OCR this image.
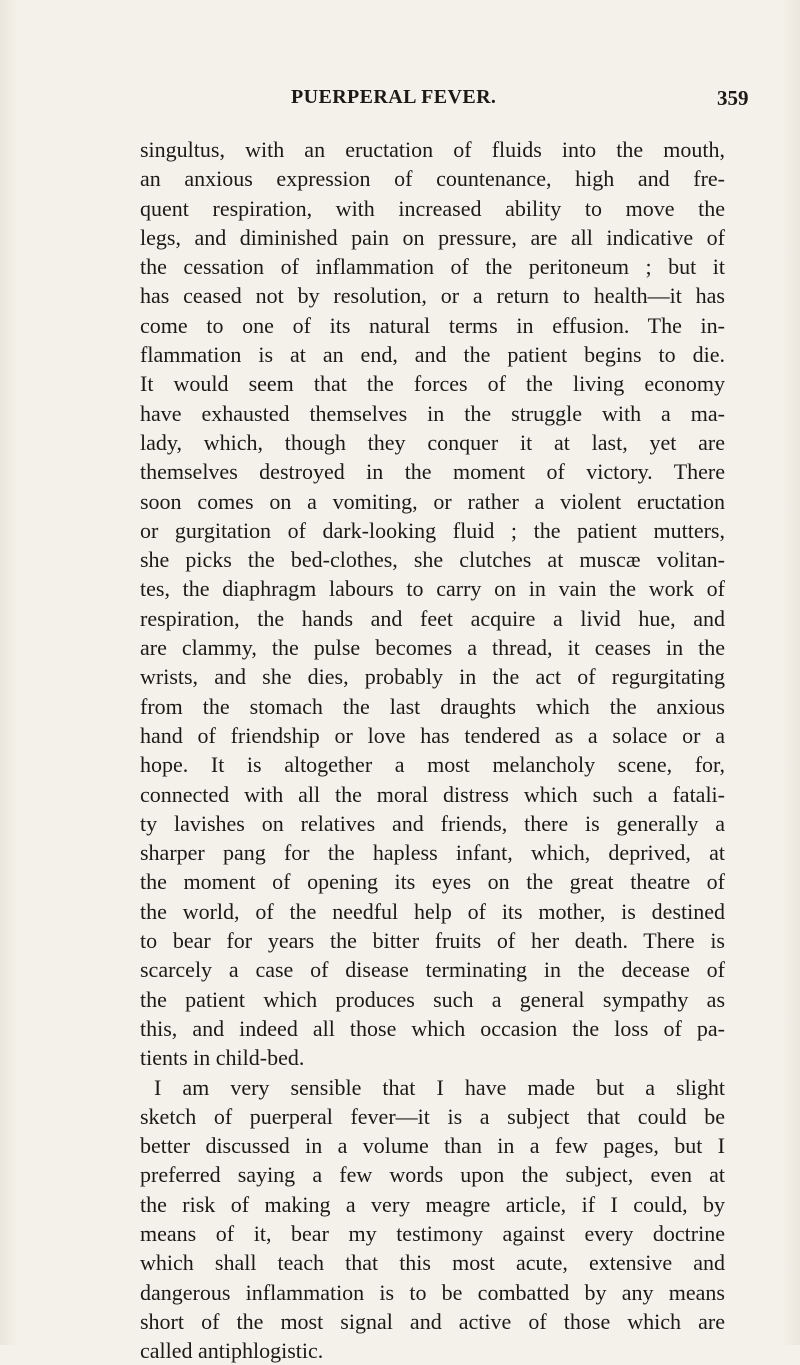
PUERPERAL FEVER.	359
singultus, with an eructation of fluids into the mouth,
an anxious expression of countenance, high and fre-
quent respiration, with increased ability to move the
legs, and diminished pain on pressure, are all indicative of
the cessation of inflammation of the peritoneum ; but it
has ceased not by resolution, or a return to health—it has
come to one of its natural terms in effusion. The in-
flammation is at an end, and the patient begins to die.
It would seem that the forces of the living economy
have exhausted themselves in the struggle with a ma-
lady, which, though they conquer it at last, yet are
themselves destroyed in the moment of victory. There
soon comes on a vomiting, or rather a violent eructation
or gurgitation of dark-looking fluid ; the patient mutters,
she picks the bed-clothes, she clutches at muscæ volitan-
tes, the diaphragm labours to carry on in vain the work of
respiration, the hands and feet acquire a livid hue, and
are clammy, the pulse becomes a thread, it ceases in the
wrists, and she dies, probably in the act of regurgitating
from the stomach the last draughts which the anxious
hand of friendship or love has tendered as a solace or a
hope. It is altogether a most melancholy scene, for,
connected with all the moral distress which such a fatali-
ty lavishes on relatives and friends, there is generally a
sharper pang for the hapless infant, which, deprived, at
the moment of opening its eyes on the great theatre of
the world, of the needful help of its mother, is destined
to bear for years the bitter fruits of her death. There is
scarcely a case of disease terminating in the decease of
the patient which produces such a general sympathy as
this, and indeed all those which occasion the loss of pa-
tients in child-bed.
I am very sensible that I have made but a slight
sketch of puerperal fever—it is a subject that could be
better discussed in a volume than in a few pages, but I
preferred saying a few words upon the subject, even at
the risk of making a very meagre article, if I could, by
means of it, bear my testimony against every doctrine
which shall teach that this most acute, extensive and
dangerous inflammation is to be combatted by any means
short of the most signal and active of those which are
called antiphlogistic.
